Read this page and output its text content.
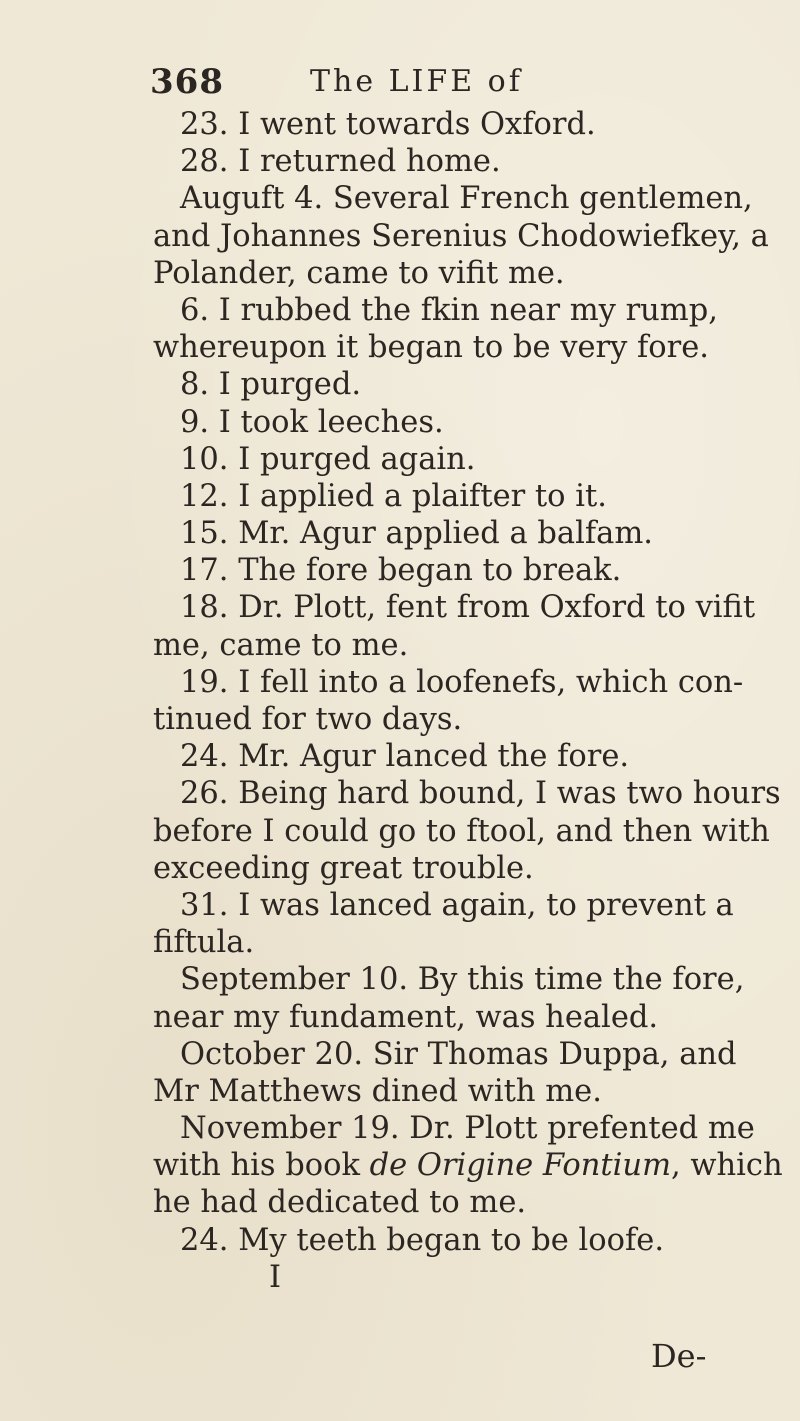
368	The LIFE of
23. I went towards Oxford.
28. I returned home.
Auguft 4. Several French gentlemen,
and Johannes Serenius Chodowiefkey, a
Polander, came to vifit me.
6. I rubbed the fkin near my rump,
whereupon it began to be very fore.
8. I purged.
9. I took leeches.
10. I purged again.
12. I applied a plaifter to it.
15. Mr. Agur applied a balfam.
17. The fore began to break.
18. Dr. Plott, fent from Oxford to vifit
me, came to me.
19. I fell into a loofenefs, which con-
tinued for two days.
24. Mr. Agur lanced the fore.
26. Being hard bound, I was two hours
before I could go to ftool, and then with
exceeding great trouble.
31. I was lanced again, to prevent a
fiftula.
September 10. By this time the fore,
near my fundament, was healed.
October 20. Sir Thomas Duppa, and
Mr Matthews dined with me.
November 19. Dr. Plott prefented me
with his book de Origine Fontium, which
he had dedicated to me.
24. My teeth began to be loofe.
I
De-
